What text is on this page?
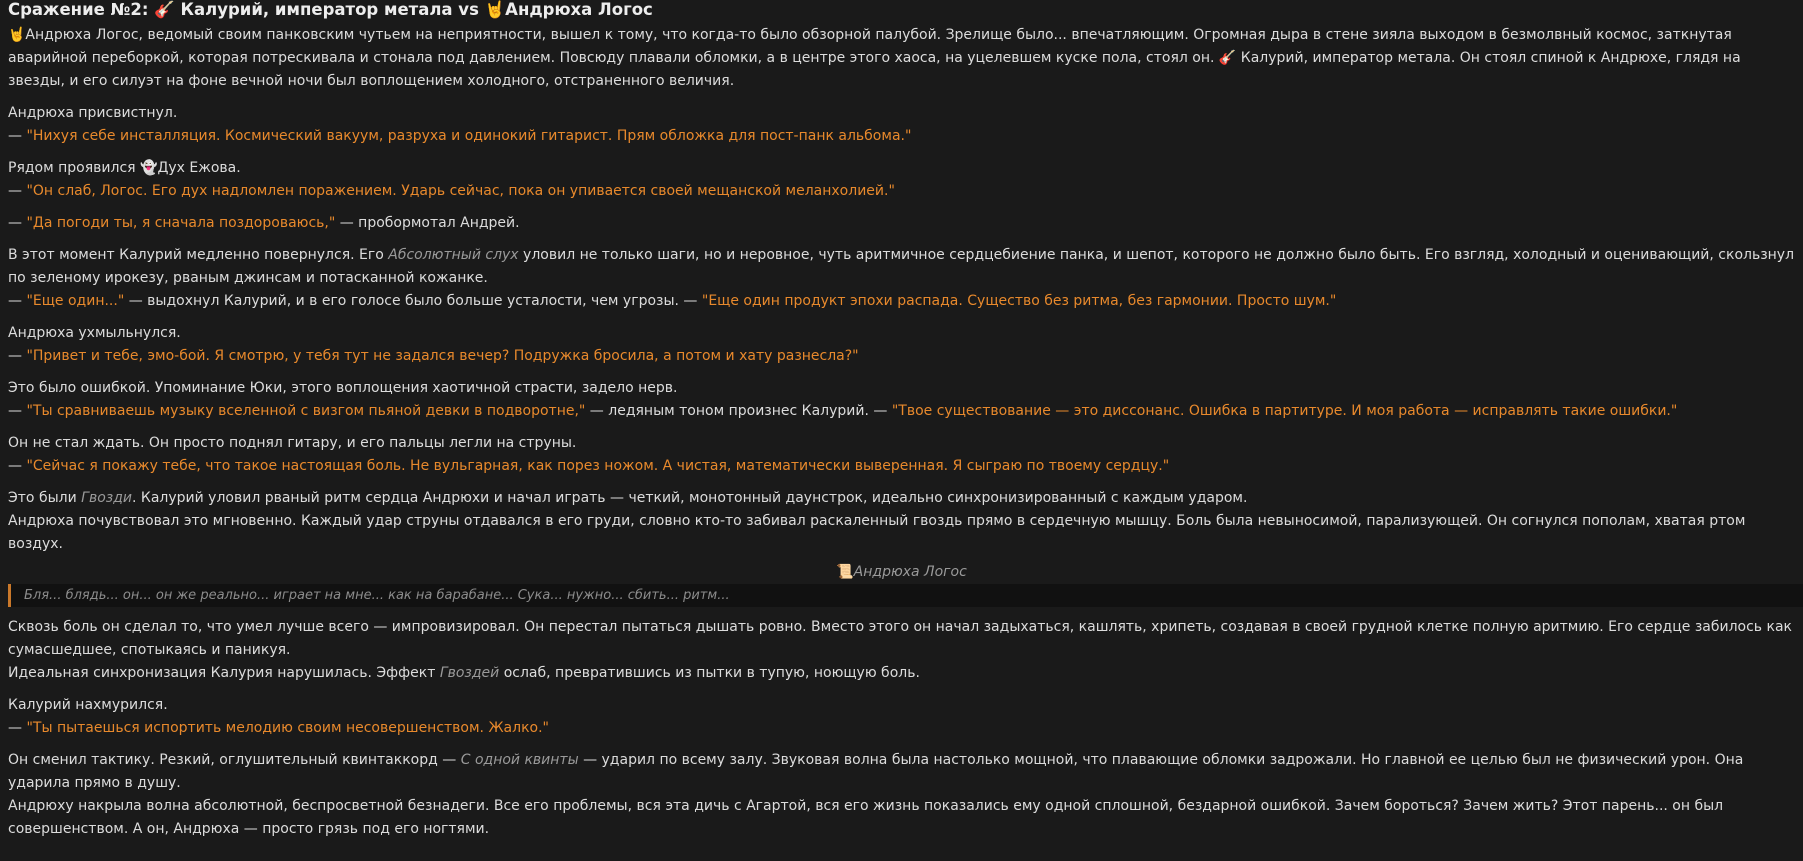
Сражение №2: 🎸 Калурий, император метала vs 🤘Андрюха Логос

🤘Андрюха Логос, ведомый своим панковским чутьем на неприятности, вышел к тому, что когда-то было обзорной палубой. Зрелище было... впечатляющим. Огромная дыра в стене зияла выходом в безмолвный космос, заткнутая аварийной переборкой, которая потрескивала и стонала под давлением. Повсюду плавали обломки, а в центре этого хаоса, на уцелевшем куске пола, стоял он. 🎸 Калурий, император метала. Он стоял спиной к Андрюхе, глядя на звезды, и его силуэт на фоне вечной ночи был воплощением холодного, отстраненного величия.

Андрюха присвистнул.

— "Нихуя себе инсталляция. Космический вакуум, разруха и одинокий гитарист. Прям обложка для пост-панк альбома."

Рядом проявился 👻Дух Ежова.

— "Он слаб, Логос. Его дух надломлен поражением. Ударь сейчас, пока он упивается своей мещанской меланхолией."

— "Да погоди ты, я сначала поздороваюсь," — пробормотал Андрей.

В этот момент Калурий медленно повернулся. Его Абсолютный слух уловил не только шаги, но и неровное, чуть аритмичное сердцебиение панка, и шепот, которого не должно было быть. Его взгляд, холодный и оценивающий, скользнул по зеленому ирокезу, рваным джинсам и потасканной кожанке.

— "Еще один..." — выдохнул Калурий, и в его голосе было больше усталости, чем угрозы. — "Еще один продукт эпохи распада. Существо без ритма, без гармонии. Просто шум."

Андрюха ухмыльнулся.

— "Привет и тебе, эмо-бой. Я смотрю, у тебя тут не задался вечер? Подружка бросила, а потом и хату разнесла?"

Это было ошибкой. Упоминание Юки, этого воплощения хаотичной страсти, задело нерв.

— "Ты сравниваешь музыку вселенной с визгом пьяной девки в подворотне," — ледяным тоном произнес Калурий. — "Твое существование — это диссонанс. Ошибка в партитуре. И моя работа — исправлять такие ошибки."

Он не стал ждать. Он просто поднял гитару, и его пальцы легли на струны.

— "Сейчас я покажу тебе, что такое настоящая боль. Не вульгарная, как порез ножом. А чистая, математически выверенная. Я сыграю по твоему сердцу."

Это были Гвозди. Калурий уловил рваный ритм сердца Андрюхи и начал играть — четкий, монотонный даунстрок, идеально синхронизированный с каждым ударом.

Андрюха почувствовал это мгновенно. Каждый удар струны отдавался в его груди, словно кто-то забивал раскаленный гвоздь прямо в сердечную мышцу. Боль была невыносимой, парализующей. Он согнулся пополам, хватая ртом воздух.

📜Андрюха Логос

Бля... блядь... он... он же реально... играет на мне... как на барабане... Сука... нужно... сбить... ритм...

Сквозь боль он сделал то, что умел лучше всего — импровизировал. Он перестал пытаться дышать ровно. Вместо этого он начал задыхаться, кашлять, хрипеть, создавая в своей грудной клетке полную аритмию. Его сердце забилось как сумасшедшее, спотыкаясь и паникуя.

Идеальная синхронизация Калурия нарушилась. Эффект Гвоздей ослаб, превратившись из пытки в тупую, ноющую боль.

Калурий нахмурился.

— "Ты пытаешься испортить мелодию своим несовершенством. Жалко."

Он сменил тактику. Резкий, оглушительный квинтаккорд — С одной квинты — ударил по всему залу. Звуковая волна была настолько мощной, что плавающие обломки задрожали. Но главной ее целью был не физический урон. Она ударила прямо в душу.

Андрюху накрыла волна абсолютной, беспросветной безнадеги. Все его проблемы, вся эта дичь с Агартой, вся его жизнь показались ему одной сплошной, бездарной ошибкой. Зачем бороться? Зачем жить? Этот парень... он был совершенством. А он, Андрюха — просто грязь под его ногтями.
